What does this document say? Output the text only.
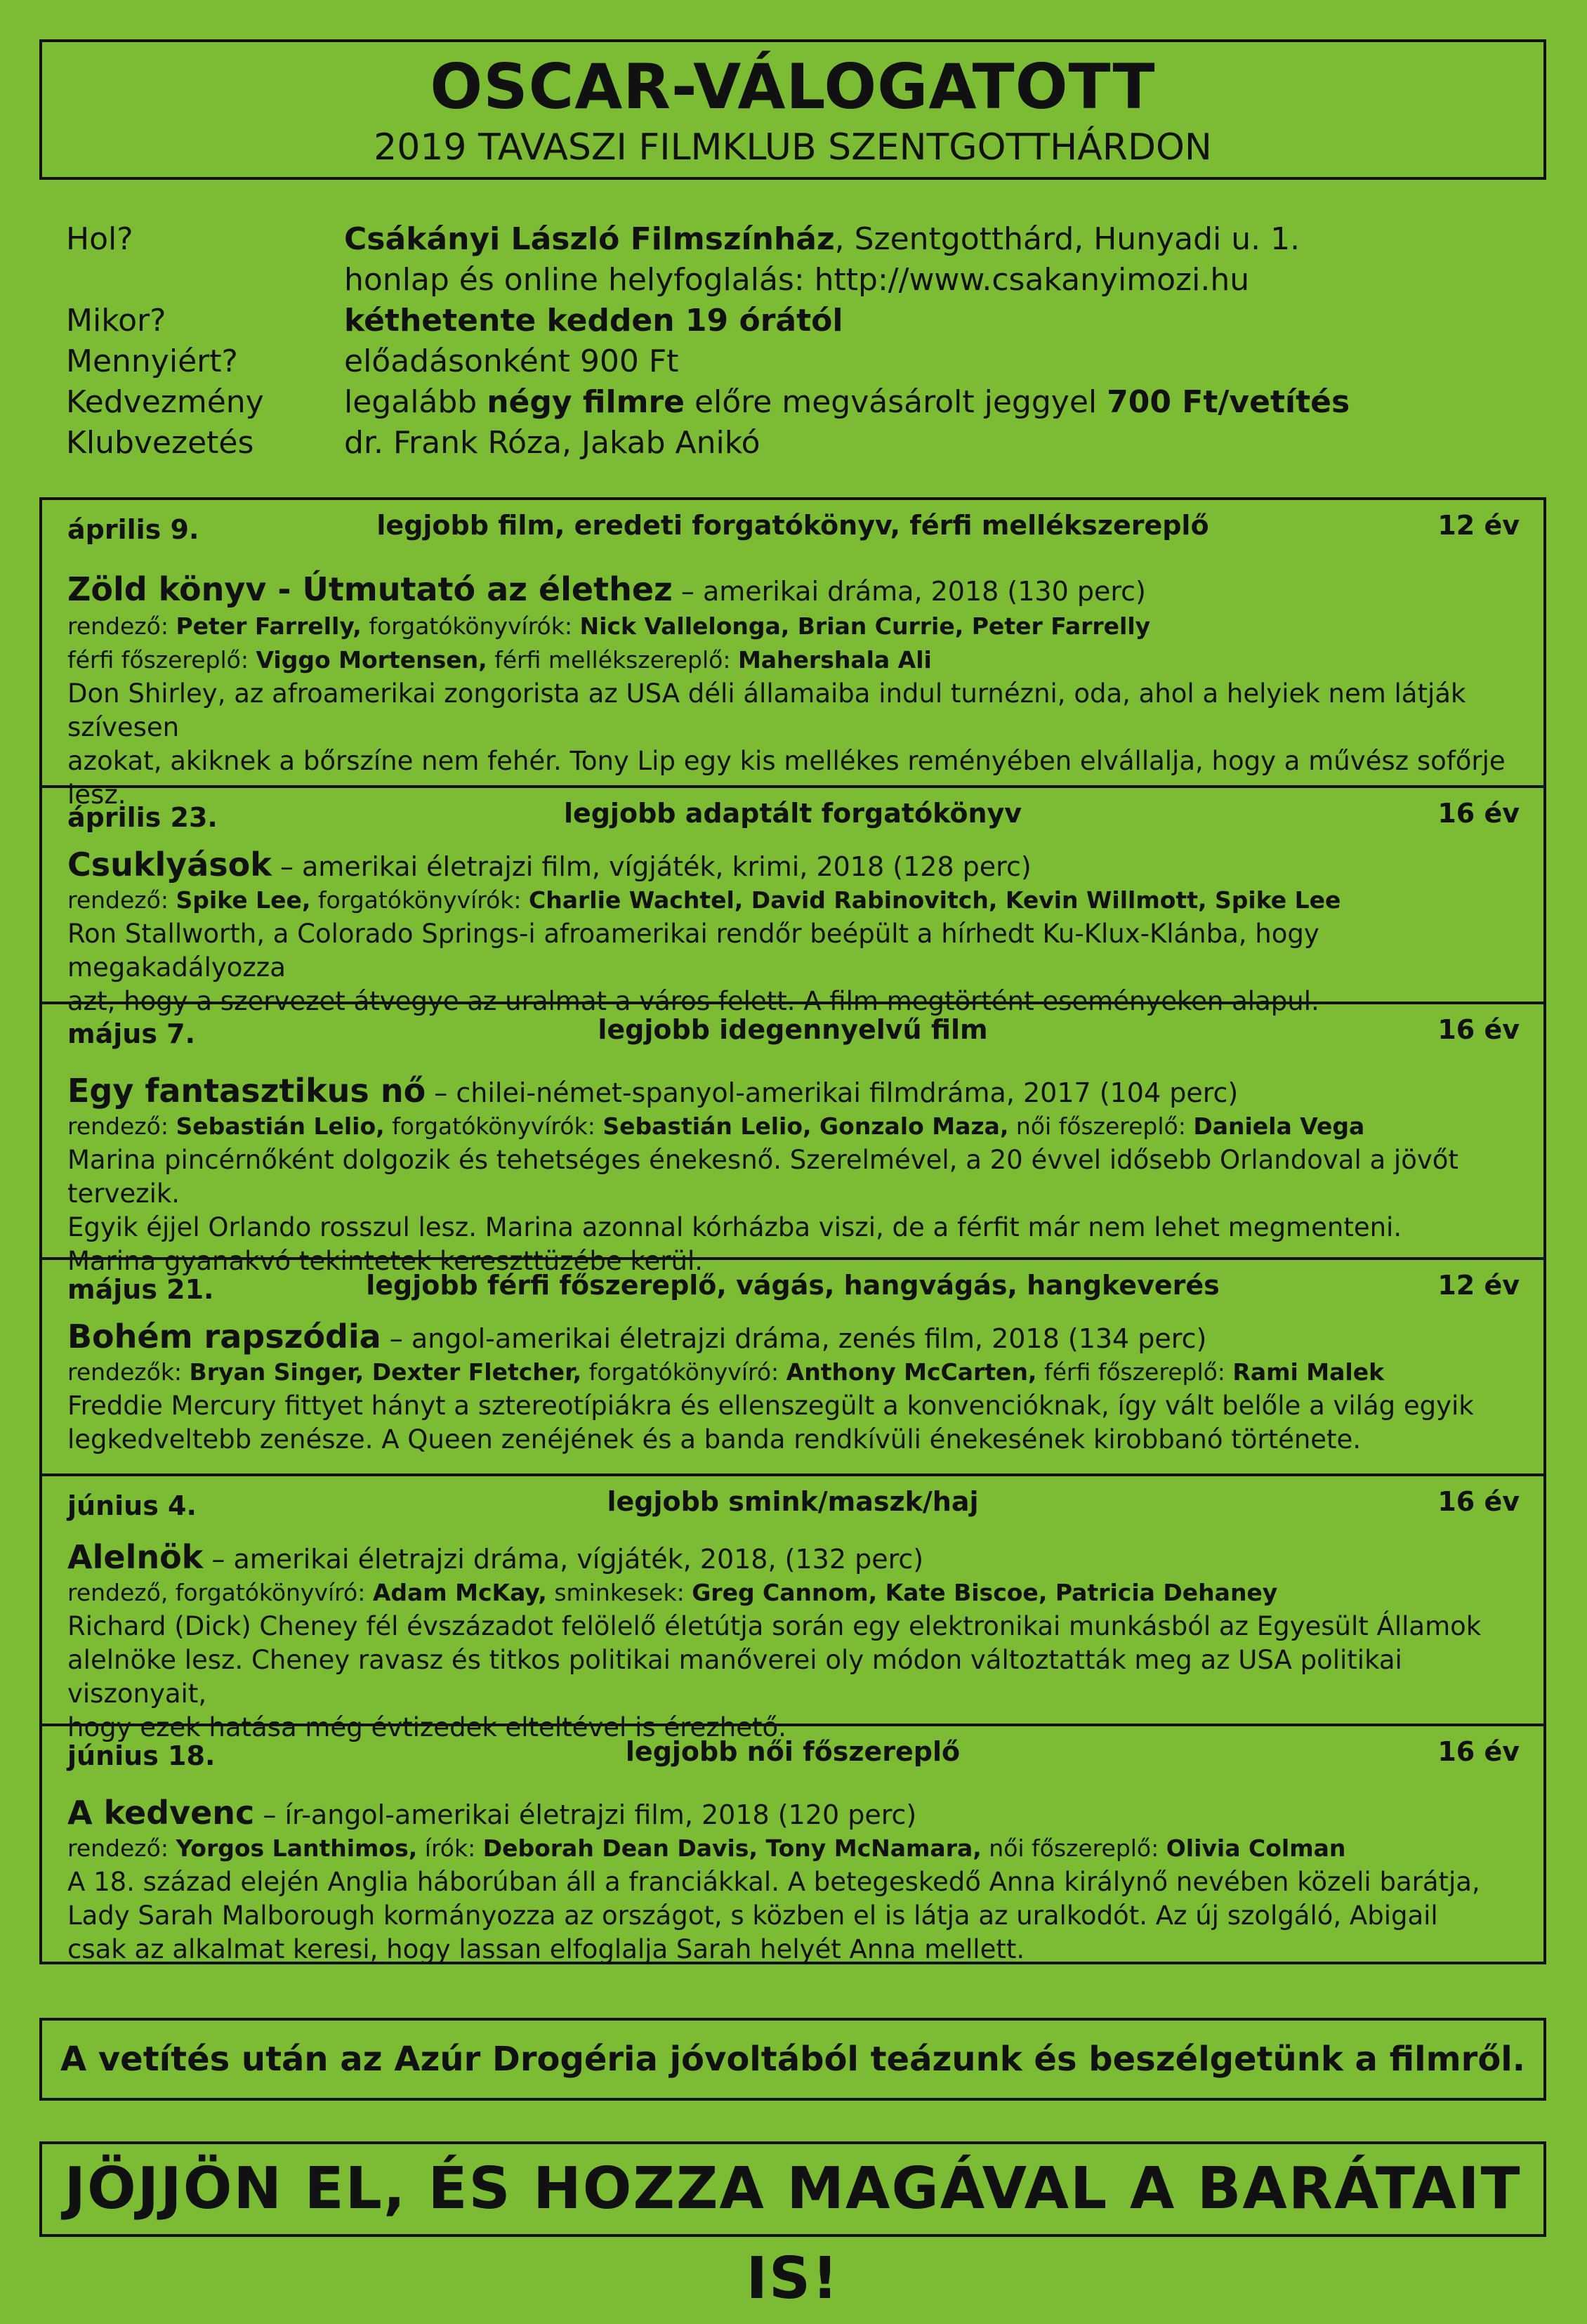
OSCAR-VÁLOGATOTT
2019 TAVASZI FILMKLUB SZENTGOTTHÁRDON
Hol?	Csákányi László Filmszínház, Szentgotthárd, Hunyadi u. 1.
honlap és online helyfoglalás: http://www.csakanyimozi.hu
Mikor?	kéthetente kedden 19 órától
Mennyiért?	előadásonként 900 Ft
Kedvezmény	legalább négy filmre előre megvásárolt jeggyel 700 Ft/vetítés
Klubvezetés	dr. Frank Róza, Jakab Anikó
április 9.	legjobb film, eredeti forgatókönyv, férfi mellékszereplő	12 év
Zöld könyv - Útmutató az élethez – amerikai dráma, 2018 (130 perc)
rendező: Peter Farrelly, forgatókönyvírók: Nick Vallelonga, Brian Currie, Peter Farrelly
férfi főszereplő: Viggo Mortensen, férfi mellékszereplő: Mahershala Ali
Don Shirley, az afroamerikai zongorista az USA déli államaiba indul turnézni, oda, ahol a helyiek nem látják szívesen
azokat, akiknek a bőrszíne nem fehér. Tony Lip egy kis mellékes reményében elvállalja, hogy a művész sofőrje lesz.
április 23.	legjobb adaptált forgatókönyv	16 év
Csuklyások – amerikai életrajzi film, vígjáték, krimi, 2018 (128 perc)
rendező: Spike Lee, forgatókönyvírók: Charlie Wachtel, David Rabinovitch, Kevin Willmott, Spike Lee
Ron Stallworth, a Colorado Springs-i afroamerikai rendőr beépült a hírhedt Ku-Klux-Klánba, hogy megakadályozza
azt, hogy a szervezet átvegye az uralmat a város felett. A film megtörtént eseményeken alapul.
május 7.	legjobb idegennyelvű film	16 év
Egy fantasztikus nő – chilei-német-spanyol-amerikai filmdráma, 2017 (104 perc)
rendező: Sebastián Lelio, forgatókönyvírók: Sebastián Lelio, Gonzalo Maza, női főszereplő: Daniela Vega
Marina pincérnőként dolgozik és tehetséges énekesnő. Szerelmével, a 20 évvel idősebb Orlandoval a jövőt tervezik.
Egyik éjjel Orlando rosszul lesz. Marina azonnal kórházba viszi, de a férfit már nem lehet megmenteni.
Marina gyanakvó tekintetek kereszttüzébe kerül.
május 21.	legjobb férfi főszereplő, vágás, hangvágás, hangkeverés	12 év
Bohém rapszódia – angol-amerikai életrajzi dráma, zenés film, 2018 (134 perc)
rendezők: Bryan Singer, Dexter Fletcher, forgatókönyvíró: Anthony McCarten, férfi főszereplő: Rami Malek
Freddie Mercury fittyet hányt a sztereotípiákra és ellenszegült a konvencióknak, így vált belőle a világ egyik
legkedveltebb zenésze. A Queen zenéjének és a banda rendkívüli énekesének kirobbanó története.
június 4.	legjobb smink/maszk/haj	16 év
Alelnök – amerikai életrajzi dráma, vígjáték, 2018, (132 perc)
rendező, forgatókönyvíró: Adam McKay, sminkesek: Greg Cannom, Kate Biscoe, Patricia Dehaney
Richard (Dick) Cheney fél évszázadot felölelő életútja során egy elektronikai munkásból az Egyesült Államok
alelnöke lesz. Cheney ravasz és titkos politikai manőverei oly módon változtatták meg az USA politikai viszonyait,
hogy ezek hatása még évtizedek elteltével is érezhető.
június 18.	legjobb női főszereplő	16 év
A kedvenc – ír-angol-amerikai életrajzi film, 2018 (120 perc)
rendező: Yorgos Lanthimos, írók: Deborah Dean Davis, Tony McNamara, női főszereplő: Olivia Colman
A 18. század elején Anglia háborúban áll a franciákkal. A betegeskedő Anna királynő nevében közeli barátja,
Lady Sarah Malborough kormányozza az országot, s közben el is látja az uralkodót. Az új szolgáló, Abigail
csak az alkalmat keresi, hogy lassan elfoglalja Sarah helyét Anna mellett.
A vetítés után az Azúr Drogéria jóvoltából teázunk és beszélgetünk a filmről.
JÖJJÖN EL, ÉS HOZZA MAGÁVAL A BARÁTAIT IS!
